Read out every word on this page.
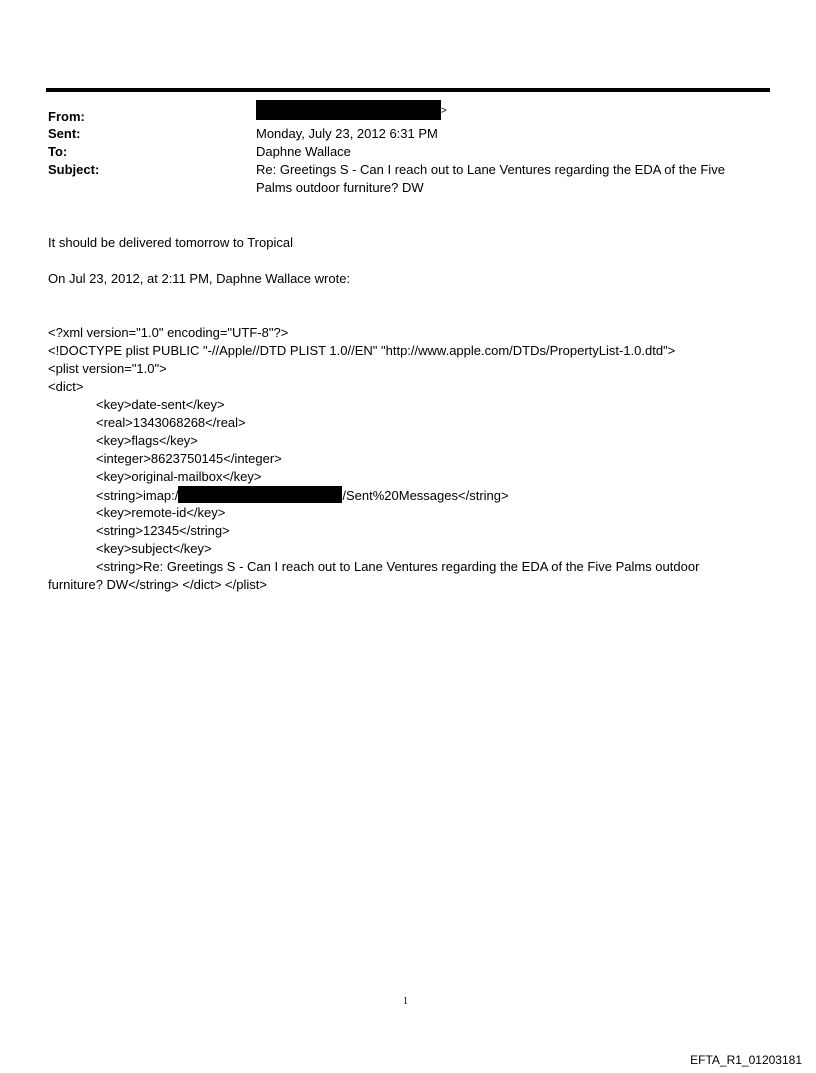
From:	>
Sent:	Monday, July 23, 2012 6:31 PM
To:	Daphne Wallace
Subject:	Re: Greetings S - Can I reach out to Lane Ventures regarding the EDA of the Five
Palms outdoor furniture? DW
It should be delivered tomorrow to Tropical
On Jul 23, 2012, at 2:11 PM, Daphne Wallace wrote:
<?xml version="1.0" encoding="UTF-8"?>
<!DOCTYPE plist PUBLIC "-//Apple//DTD PLIST 1.0//EN" "http://www.apple.com/DTDs/PropertyList-1.0.dtd">
<plist version="1.0">
<dict>
<key>date-sent</key>
<real>1343068268</real>
<key>flags</key>
<integer>8623750145</integer>
<key>original-mailbox</key>
<string>imap:/	/Sent%20Messages</string>
<key>remote-id</key>
<string>12345</string>
<key>subject</key>
<string>Re: Greetings S - Can I reach out to Lane Ventures regarding the EDA of the Five Palms outdoor
furniture? DW</string> </dict> </plist>
1
EFTA_R1_01203181
